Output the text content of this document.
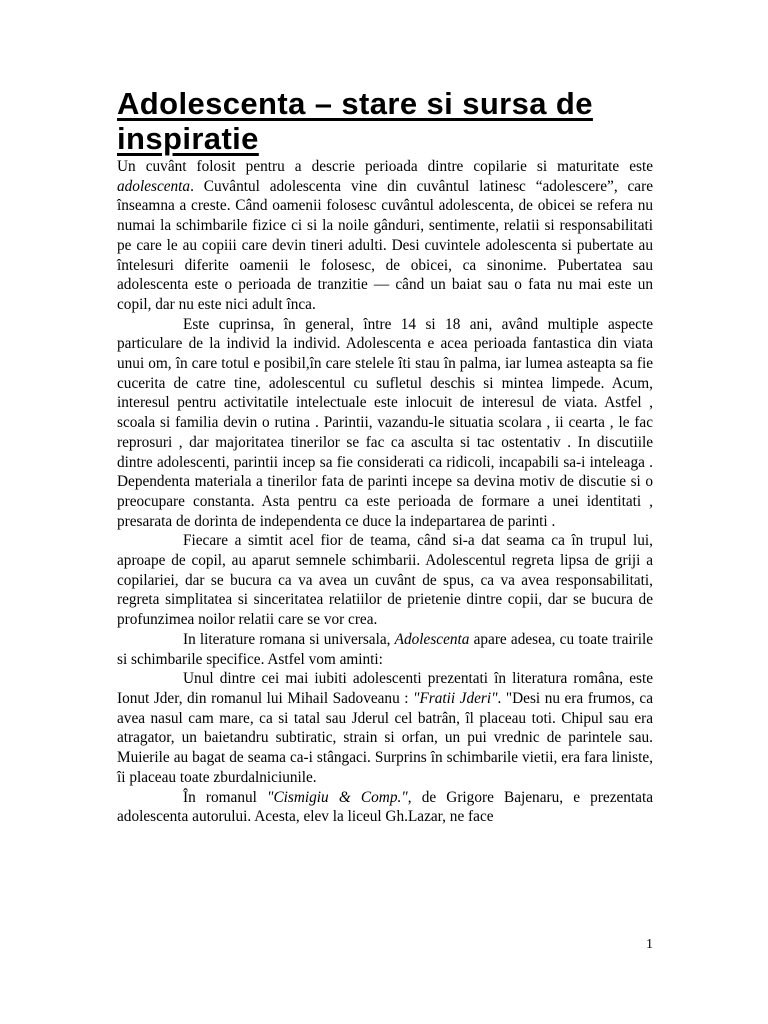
Adolescenta – stare si sursa de inspiratie

Un cuvânt folosit pentru a descrie perioada dintre copilarie si maturitate este adolescenta. Cuvântul adolescenta vine din cuvântul latinesc “adolescere”, care înseamna a creste. Când oamenii folosesc cuvântul adolescenta, de obicei se refera nu numai la schimbarile fizice ci si la noile gânduri, sentimente, relatii si responsabilitati pe care le au copiii care devin tineri adulti. Desi cuvintele adolescenta si pubertate au întelesuri diferite oamenii le folosesc, de obicei, ca sinonime. Pubertatea sau adolescenta este o perioada de tranzitie — când un baiat sau o fata nu mai este un copil, dar nu este nici adult înca.

Este cuprinsa, în general, între 14 si 18 ani, având multiple aspecte particulare de la individ la individ. Adolescenta e acea perioada fantastica din viata unui om, în care totul e posibil,în care stelele îti stau în palma, iar lumea asteapta sa fie cucerita de catre tine, adolescentul cu sufletul deschis si mintea limpede. Acum, interesul pentru activitatile intelectuale este inlocuit de interesul de viata. Astfel , scoala si familia devin o rutina . Parintii, vazandu-le situatia scolara , ii cearta , le fac reprosuri , dar majoritatea tinerilor se fac ca asculta si tac ostentativ . In discutiile dintre adolescenti, parintii incep sa fie considerati ca ridicoli, incapabili sa-i inteleaga . Dependenta materiala a tinerilor fata de parinti incepe sa devina motiv de discutie si o preocupare constanta. Asta pentru ca este perioada de formare a unei identitati , presarata de dorinta de independenta ce duce la indepartarea de parinti .

Fiecare a simtit acel fior de teama, când si-a dat seama ca în trupul lui, aproape de copil, au aparut semnele schimbarii. Adolescentul regreta lipsa de griji a copilariei, dar se bucura ca va avea un cuvânt de spus, ca va avea responsabilitati, regreta simplitatea si sinceritatea relatiilor de prietenie dintre copii, dar se bucura de profunzimea noilor relatii care se vor crea.

In literature romana si universala, Adolescenta apare adesea, cu toate trairile si schimbarile specifice. Astfel vom aminti:

Unul dintre cei mai iubiti adolescenti prezentati în literatura româna, este Ionut Jder, din romanul lui Mihail Sadoveanu : "Fratii Jderi". "Desi nu era frumos, ca avea nasul cam mare, ca si tatal sau Jderul cel batrân, îl placeau toti. Chipul sau era atragator, un baietandru subtiratic, strain si orfan, un pui vrednic de parintele sau. Muierile au bagat de seama ca-i stângaci. Surprins în schimbarile vietii, era fara liniste, îi placeau toate zburdalniciunile.

În romanul "Cismigiu & Comp.", de Grigore Bajenaru, e prezentata adolescenta autorului. Acesta, elev la liceul Gh.Lazar, ne face

1
